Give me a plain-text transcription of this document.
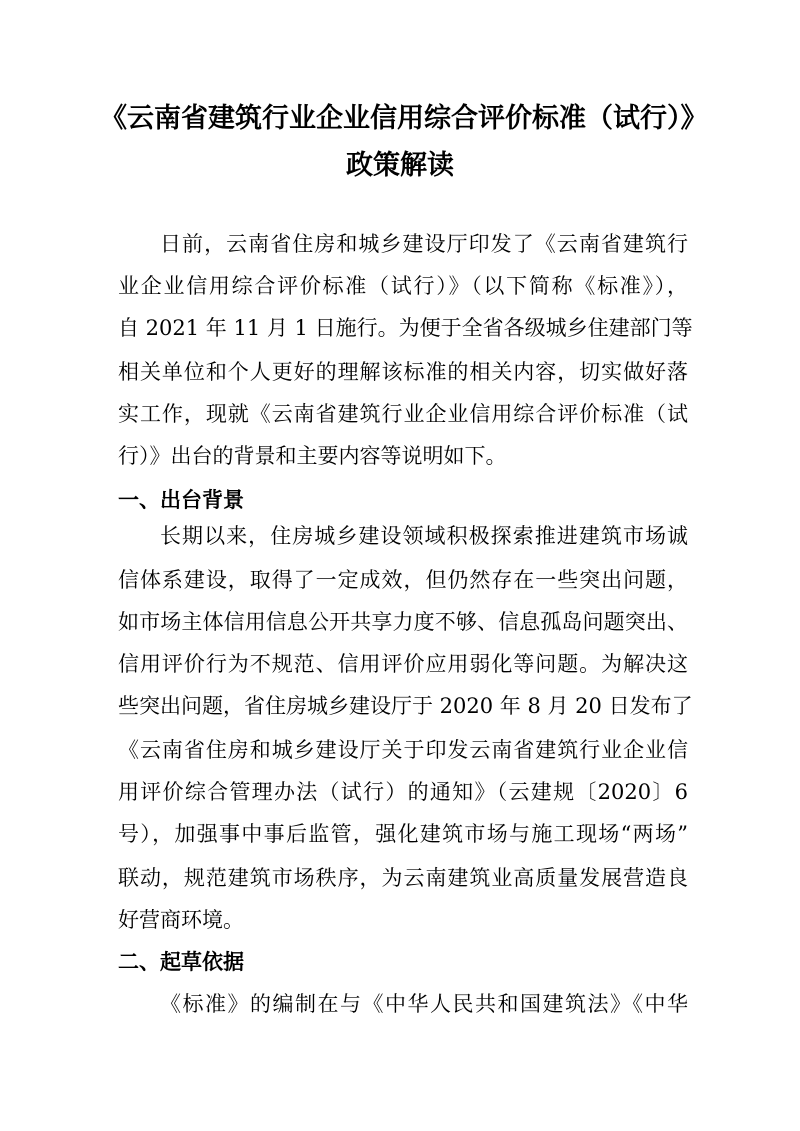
《云南省建筑行业企业信用综合评价标准（试行）》
政策解读
日前，云南省住房和城乡建设厅印发了《云南省建筑行
业企业信用综合评价标准（试行）》（以下简称《标准》），
自 2021 年 11 月 1 日施行。为便于全省各级城乡住建部门等
相关单位和个人更好的理解该标准的相关内容，切实做好落
实工作，现就《云南省建筑行业企业信用综合评价标准（试
行）》出台的背景和主要内容等说明如下。
一、出台背景
长期以来，住房城乡建设领域积极探索推进建筑市场诚
信体系建设，取得了一定成效，但仍然存在一些突出问题，
如市场主体信用信息公开共享力度不够、信息孤岛问题突出、
信用评价行为不规范、信用评价应用弱化等问题。为解决这
些突出问题，省住房城乡建设厅于 2020 年 8 月 20 日发布了
《云南省住房和城乡建设厅关于印发云南省建筑行业企业信
用评价综合管理办法（试行）的通知》（云建规〔2020〕6
号），加强事中事后监管，强化建筑市场与施工现场“两场”
联动，规范建筑市场秩序，为云南建筑业高质量发展营造良
好营商环境。
二、起草依据
《标准》的编制在与《中华人民共和国建筑法》《中华
